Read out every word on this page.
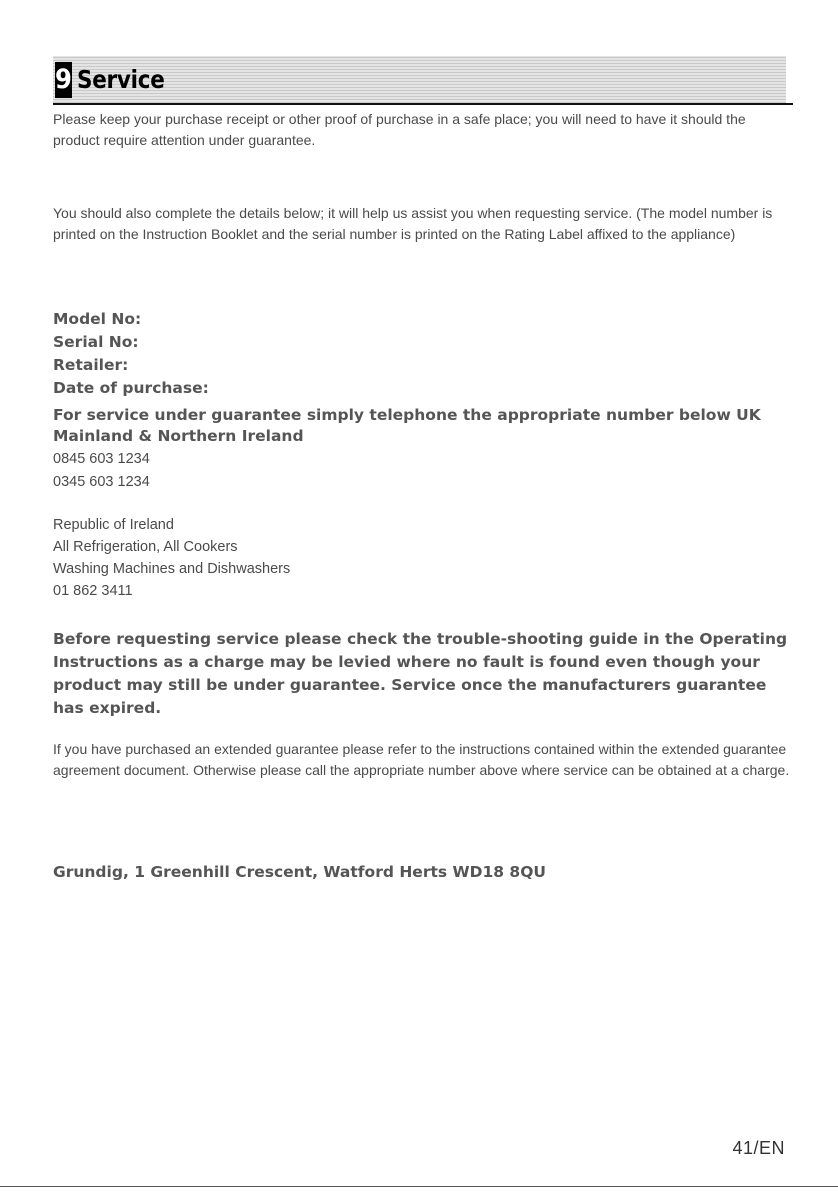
9 Service

Please keep your purchase receipt or other proof of purchase in a safe place; you will need to have it should the product require attention under guarantee.

You should also complete the details below; it will help us assist you when requesting service. (The model number is printed on the Instruction Booklet and the serial number is printed on the Rating Label affixed to the appliance)

Model No:

Serial No:

Retailer:

Date of purchase:

For service under guarantee simply telephone the appropriate number below UK Mainland & Northern Ireland

0845 603 1234

0345 603 1234

Republic of Ireland

All Refrigeration, All Cookers

Washing Machines and Dishwashers

01 862 3411

Before requesting service please check the trouble-shooting guide in the Operating Instructions as a charge may be levied where no fault is found even though your product may still be under guarantee. Service once the manufacturers guarantee has expired.

If you have purchased an extended guarantee please refer to the instructions contained within the extended guarantee agreement document. Otherwise please call the appropriate number above where service can be obtained at a charge.

Grundig, 1 Greenhill Crescent, Watford Herts WD18 8QU

41/EN
